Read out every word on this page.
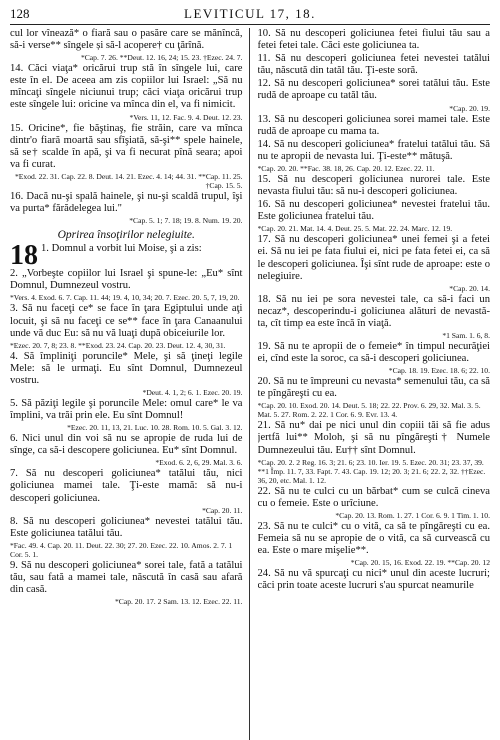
128	LEVITICUL 17, 18.

cul lor vînează* o fiară sau o pasăre care se mănîncă, să-i verse** sîngele și să-l acopere† cu ţărînă.

*Cap. 7. 26. **Deut. 12. 16, 24; 15. 23. †Ezec. 24. 7.

14. Căci viaţa* oricărui trup stă în sîngele lui, care este în el. De aceea am zis copiilor lui Israel: „Să nu mîncaţi sîngele niciunui trup; căci viaţa oricărui trup este sîngele lui: oricine va mînca din el, va fi nimicit.

*Vers. 11, 12. Fac. 9. 4. Deut. 12. 23.

15. Oricine*, fie băştinaş, fie străin, care va mînca dintr'o fiară moartă sau sfîşiată, să-şi** spele hainele, să se† scalde în apă, şi va fi necurat pînă seara; apoi va fi curat.

*Exod. 22. 31. Cap. 22. 8. Deut. 14. 21. Ezec. 4. 14; 44. 31. **Cap. 11. 25. †Cap. 15. 5.

16. Dacă nu-şi spală hainele, şi nu-şi scaldă trupul, îşi va purta* fărădelegea lui."

*Cap. 5. 1; 7. 18; 19. 8. Num. 19. 20.
Oprirea însoţirilor nelegiuite.
18 1. Domnul a vorbit lui Moise, şi a zis:

2. „Vorbeşte copiilor lui Israel şi spune-le: „Eu* sînt Domnul, Dumnezeul vostru.

*Vers. 4. Exod. 6. 7. Cap. 11. 44; 19. 4, 10, 34; 20. 7. Ezec. 20. 5, 7, 19, 20.

3. Să nu faceţi ce* se face în ţara Egiptului unde aţi locuit, şi să nu faceţi ce se** face în ţara Canaanului unde vă duc Eu: să nu vă luaţi după obiceiurile lor.

*Ezec. 20. 7, 8; 23. 8. **Exod. 23. 24. Cap. 20. 23. Deut. 12. 4, 30, 31.

4. Să împliniţi poruncile* Mele, şi să ţineţi legile Mele: să le urmaţi. Eu sînt Domnul, Dumnezeul vostru.

*Deut. 4. 1, 2; 6. 1. Ezec. 20. 19.

5. Să păziţi legile şi poruncile Mele: omul care* le va împlini, va trăi prin ele. Eu sînt Domnul!

*Ezec. 20. 11, 13, 21. Luc. 10. 28. Rom. 10. 5. Gal. 3. 12.

6. Nici unul din voi să nu se apropie de ruda lui de sînge, ca să-i descopere goliciunea. Eu* sînt Domnul.

*Exod. 6. 2, 6, 29. Mal. 3. 6.

7. Să nu descoperi goliciunea* tatălui tău, nici goliciunea mamei tale. Ţi-este mamă: să nu-i descoperi goliciunea.

*Cap. 20. 11.

8. Să nu descoperi goliciunea* nevestei tatălui tău. Este goliciunea tatălui tău.

*Fac. 49. 4. Cap. 20. 11. Deut. 22. 30; 27. 20. Ezec. 22. 10. Amos. 2. 7. 1 Cor. 5. 1.

9. Să nu descoperi goliciunea* sorei tale, fată a tatălui tău, sau fată a mamei tale, născută în casă sau afară din casă.

*Cap. 20. 17. 2 Sam. 13. 12. Ezec. 22. 11.

10. Să nu descoperi goliciunea fetei fiului tău sau a fetei fetei tale. Căci este goliciunea ta.

11. Să nu descoperi goliciunea fetei nevestei tatălui tău, născută din tatăl tău. Ţi-este soră.

12. Să nu descoperi goliciunea* sorei tatălui tău. Este rudă de aproape cu tatăl tău.

*Cap. 20. 19.

13. Să nu descoperi goliciunea sorei mamei tale. Este rudă de aproape cu mama ta.

14. Să nu descoperi goliciunea* fratelui tatălui tău. Să nu te apropii de nevasta lui. Ţi-este** mătuşă.

*Cap. 20. 20. **Fac. 38. 18, 26. Cap. 20. 12. Ezec. 22. 11.

15. Să nu descoperi goliciunea nurorei tale. Este nevasta fiului tău: să nu-i descoperi goliciunea.

16. Să nu descoperi goliciunea* nevestei fratelui tău. Este goliciunea fratelui tău.

*Cap. 20. 21. Mat. 14. 4. Deut. 25. 5. Mat. 22. 24. Marc. 12. 19.

17. Să nu descoperi goliciunea* unei femei şi a fetei ei. Să nu iei pe fata fiului ei, nici pe fata fetei ei, ca să le descoperi goliciunea. Îşi sînt rude de aproape: este o nelegiuire.

*Cap. 20. 14.

18. Să nu iei pe sora nevestei tale, ca să-i faci un necaz*, descoperindu-i goliciunea alături de nevastă-ta, cît timp ea este încă în viaţă.

*1 Sam. 1. 6, 8.

19. Să nu te apropii de o femeie* în timpul necurăţiei ei, cînd este la soroc, ca să-i descoperi goliciunea.

*Cap. 18. 19. Ezec. 18. 6; 22. 10.

20. Să nu te împreuni cu nevasta* semenului tău, ca să te pîngăreşti cu ea.

*Cap. 20. 10. Exod. 20. 14. Deut. 5. 18; 22. 22. Prov. 6. 29, 32. Mal. 3. 5. Mat. 5. 27. Rom. 2. 22. 1 Cor. 6. 9. Evr. 13. 4.

21. Să nu* dai pe nici unul din copiii tăi să fie adus jertfă lui** Moloh, şi să nu pîngăreşti† Numele Dumnezeului tău. Eu†† sînt Domnul.

*Cap. 20. 2. 2 Reg. 16. 3; 21. 6; 23. 10. Ier. 19. 5. Ezec. 20. 31; 23. 37, 39. **1 Împ. 11. 7, 33. Fapt. 7. 43. Cap. 19. 12; 20. 3; 21. 6; 22. 2, 32. ††Ezec. 36, 20, etc. Mal. 1. 12.

22. Să nu te culci cu un bărbat* cum se culcă cineva cu o femeie. Este o urîciune.

*Cap. 20. 13. Rom. 1. 27. 1 Cor. 6. 9. 1 Tim. 1. 10.

23. Să nu te culci* cu o vită, ca să te pîngăreşti cu ea. Femeia să nu se apropie de o vită, ca să curvească cu ea. Este o mare mişelie**.

*Cap. 20. 15, 16. Exod. 22. 19. **Cap. 20. 12

24. Să nu vă spurcaţi cu nici* unul din aceste lucruri; căci prin toate aceste lucruri s'au spurcat neamurile
